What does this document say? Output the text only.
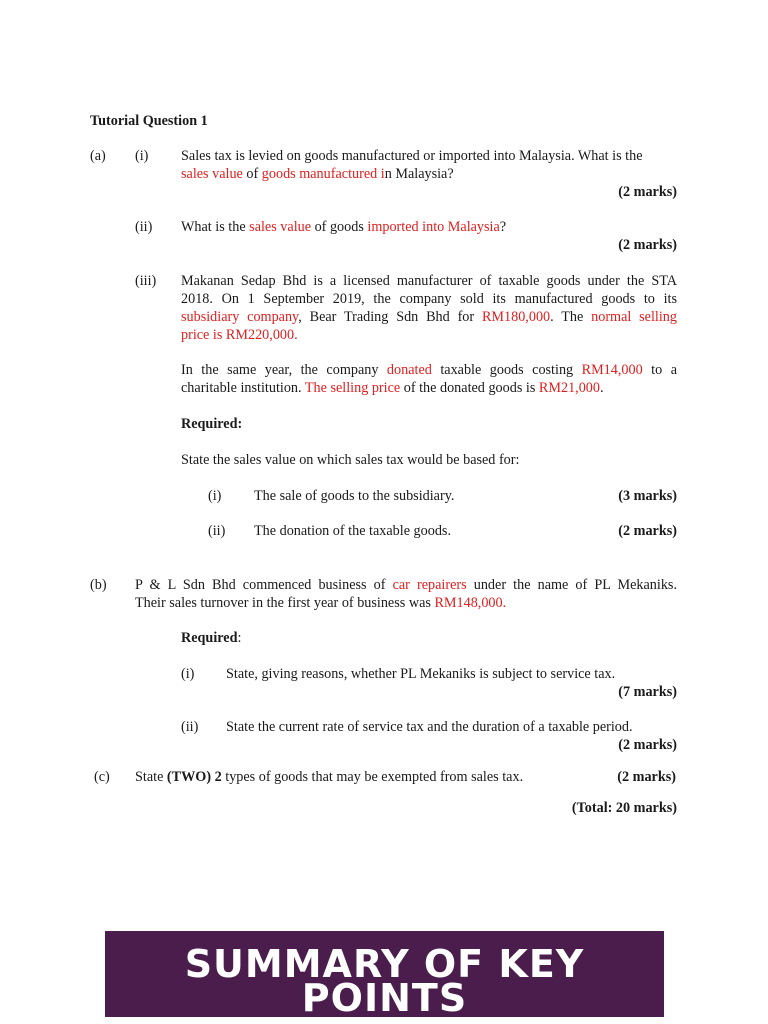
Tutorial Question 1
(a) (i) Sales tax is levied on goods manufactured or imported into Malaysia. What is the
sales value of goods manufactured in Malaysia?
(2 marks)
(ii) What is the sales value of goods imported into Malaysia?
(2 marks)
(iii) Makanan Sedap Bhd is a licensed manufacturer of taxable goods under the STA
2018. On 1 September 2019, the company sold its manufactured goods to its
subsidiary company, Bear Trading Sdn Bhd for RM180,000. The normal selling
price is RM220,000.
In the same year, the company donated taxable goods costing RM14,000 to a
charitable institution. The selling price of the donated goods is RM21,000.
Required:
State the sales value on which sales tax would be based for:
(i) The sale of goods to the subsidiary.	(3 marks)
(ii) The donation of the taxable goods.	(2 marks)
(b) P & L Sdn Bhd commenced business of car repairers under the name of PL Mekaniks.
Their sales turnover in the first year of business was RM148,000.
Required:
(i) State, giving reasons, whether PL Mekaniks is subject to service tax.
(7 marks)
(ii) State the current rate of service tax and the duration of a taxable period.
(2 marks)
(c) State (TWO) 2 types of goods that may be exempted from sales tax.	(2 marks)
(Total: 20 marks)
SUMMARY OF KEY
POINTS
